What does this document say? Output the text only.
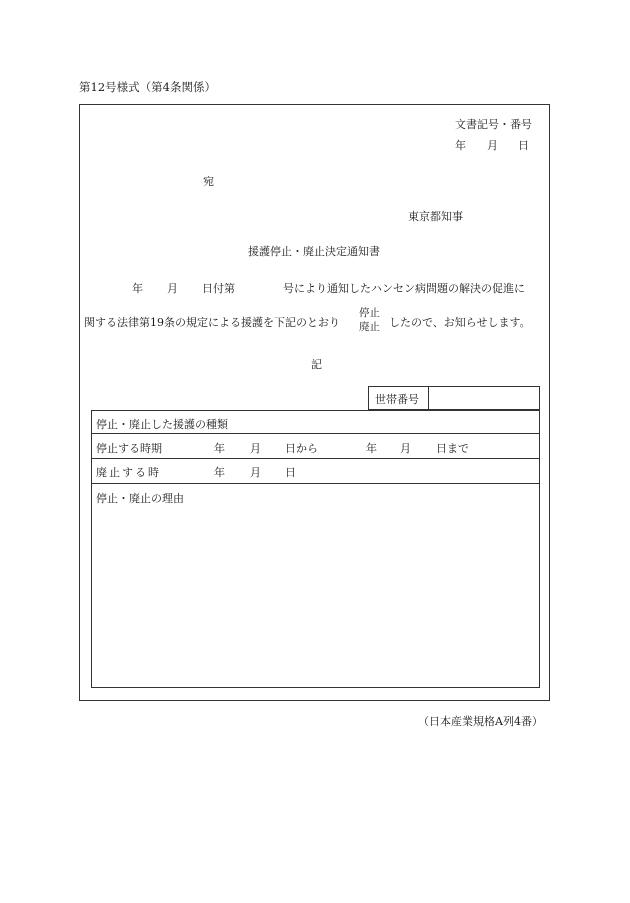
第12号様式（第4条関係）
文書記号・番号
年 月 日
宛
東京都知事
援護停止・廃止決定通知書
年 月 日付第	号により通知したハンセン病問題の解決の促進に
関する法律第19条の規定による援護を下記のとおり
停止
廃止 したので、お知らせします。
記
世帯番号
停止・廃止した援護の種類
停止する時期	年 月 日から	年 月 日まで
廃止する時	年 月 日
停止・廃止の理由
（日本産業規格A列4番）
